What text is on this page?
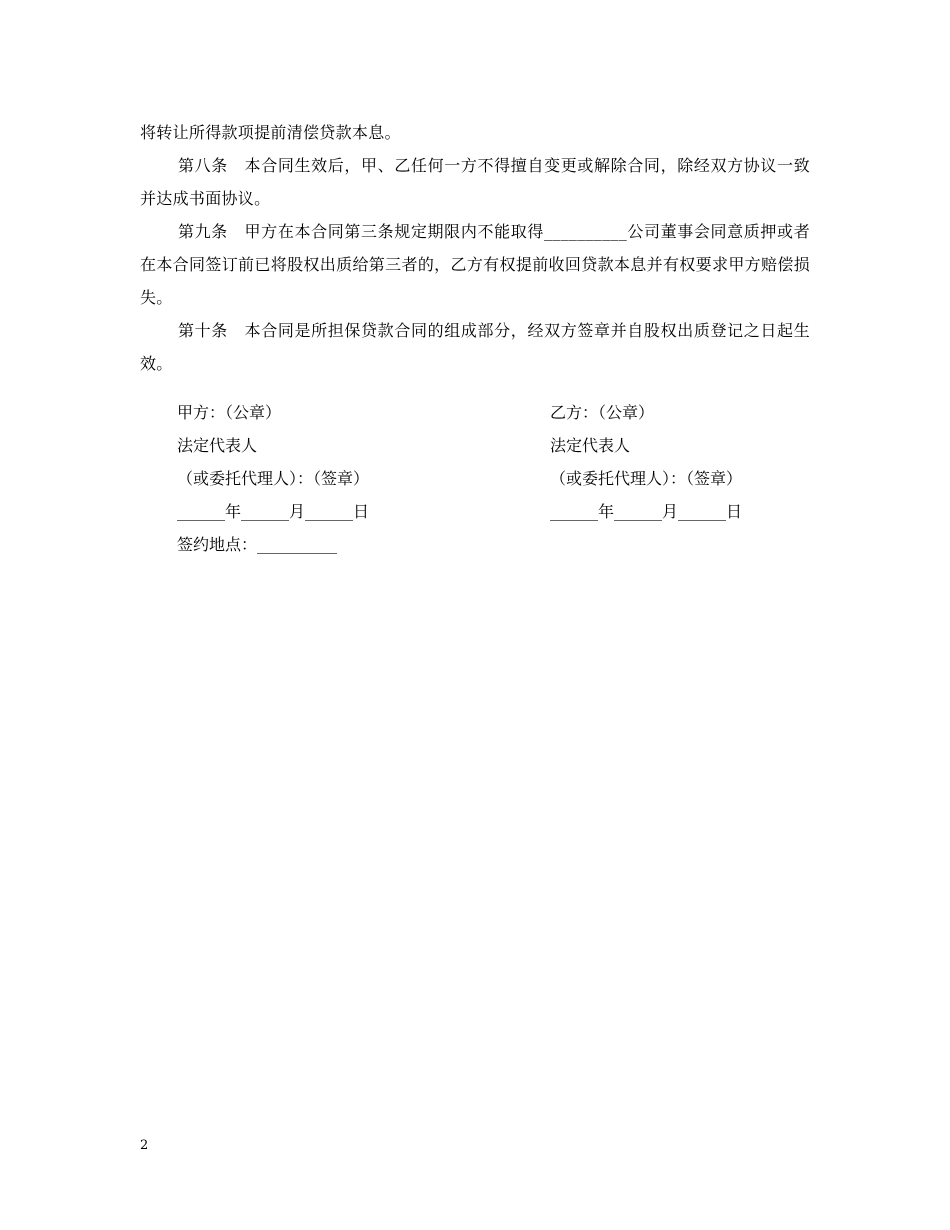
将转让所得款项提前清偿贷款本息。

第八条　本合同生效后，甲、乙任何一方不得擅自变更或解除合同，除经双方协议一致并达成书面协议。

第九条　甲方在本合同第三条规定期限内不能取得__________公司董事会同意质押或者在本合同签订前已将股权出质给第三者的，乙方有权提前收回贷款本息并有权要求甲方赔偿损失。

第十条　本合同是所担保贷款合同的组成部分，经双方签章并自股权出质登记之日起生效。

甲方：（公章）

法定代表人

（或委托代理人）：（签章）

______年______月______日

签约地点：__________

乙方：（公章）

法定代表人

（或委托代理人）：（签章）

______年______月______日

2
